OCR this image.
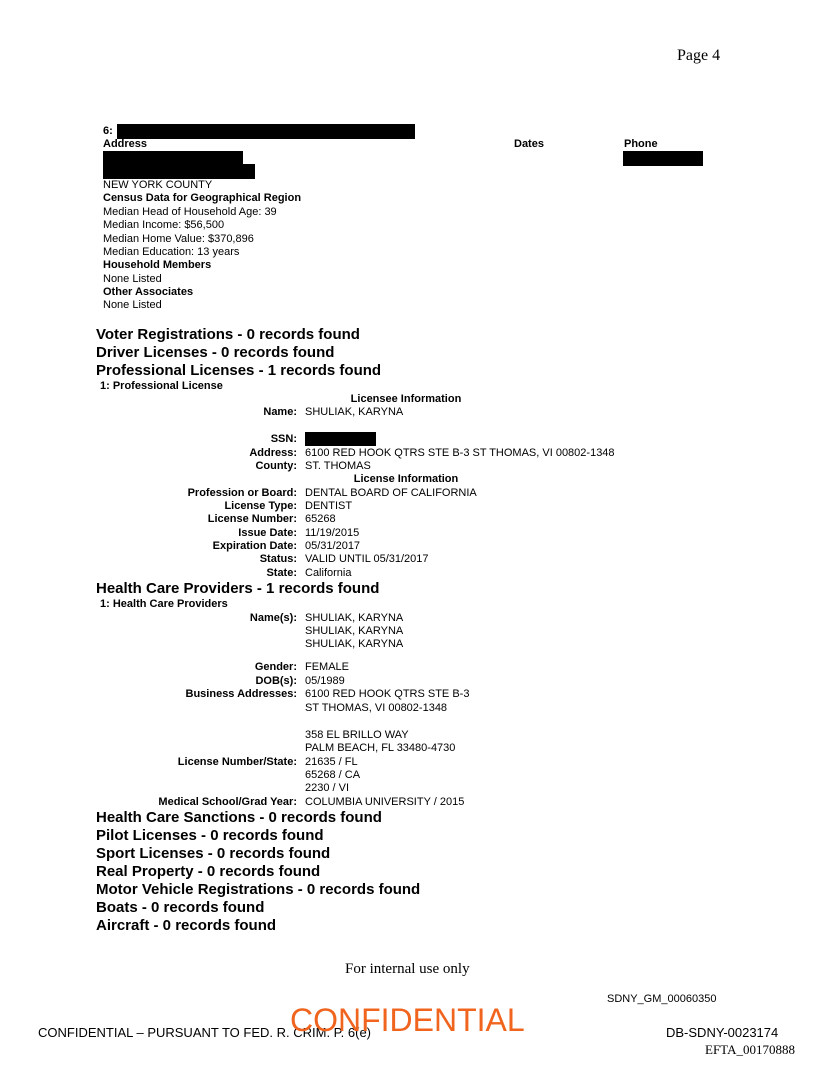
Page 4
6:
Address	Dates	Phone
NEW YORK COUNTY
Census Data for Geographical Region
Median Head of Household Age: 39
Median Income: $56,500
Median Home Value: $370,896
Median Education: 13 years
Household Members
None Listed
Other Associates
None Listed
Voter Registrations - 0 records found
Driver Licenses - 0 records found
Professional Licenses - 1 records found
1: Professional License
Licensee Information
Name: SHULIAK, KARYNA
SSN:
Address: 6100 RED HOOK QTRS STE B-3 ST THOMAS, VI 00802-1348
County: ST. THOMAS
License Information
Profession or Board: DENTAL BOARD OF CALIFORNIA
License Type: DENTIST
License Number: 65268
Issue Date: 11/19/2015
Expiration Date: 05/31/2017
Status: VALID UNTIL 05/31/2017
State: California
Health Care Providers - 1 records found
1: Health Care Providers
Name(s): SHULIAK, KARYNA
SHULIAK, KARYNA
SHULIAK, KARYNA
Gender: FEMALE
DOB(s): 05/1989
Business Addresses: 6100 RED HOOK QTRS STE B-3
ST THOMAS, VI 00802-1348
358 EL BRILLO WAY
PALM BEACH, FL 33480-4730
License Number/State: 21635 / FL
65268 / CA
2230 / VI
Medical School/Grad Year: COLUMBIA UNIVERSITY / 2015
Health Care Sanctions - 0 records found
Pilot Licenses - 0 records found
Sport Licenses - 0 records found
Real Property - 0 records found
Motor Vehicle Registrations - 0 records found
Boats - 0 records found
Aircraft - 0 records found
For internal use only
SDNY_GM_00060350
CONFIDENTIAL – PURSUANT TO FED. R. CRIM. P. 6(e)
CONFIDENTIAL	DB-SDNY-0023174
EFTA_00170888
